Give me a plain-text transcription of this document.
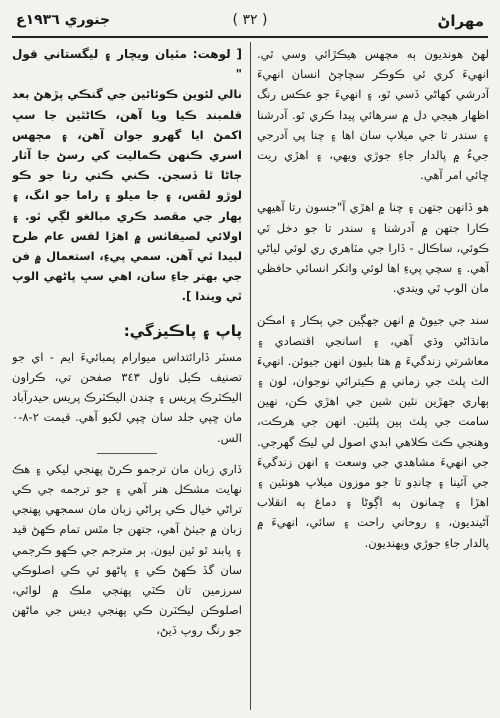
مهراڻ
( ٣٢ )
جنوري ١٩٣٦ع

لهڻ هونديون ٻه مچھس هيڪڙائي وسي ٿي. انهيءَ کري ئي ڪوڪر سچاڄڻ انسان انهيءَ آدرشي کهاڻي ڏسي ٿو، ۽ انهيءَ جو عڪس رنگ اظهار هيجي دل ۾ سرهائي پيدا ڪري ٿو. آدرشنا ۽ سندر تا جي ميلاپ سان اها ۽ چنا پي آدرجي جيءُ ۾ پالدار جاءِ جوڙي ويهي، ۽ اهڙي ريت ڇائي امر آهي.

هو ڏانهن جتهن ۽ چنا ۾ اهڙي آ"جسون رتا آهيھي ڪارا جتهن ۾ آدرشنا ۽ سندر تا جو دخل ٿي ڪوئي، ساڪال - ڏارا جي مٽاهري ري لوئي لياڻي آهي. ۽ سچي پيءِ اها لوئي واتکر انسائي حافظي مان الوپ ٿي ويندي.

سند جي جيوڻ ۾ انهن جهڳين جي ٻڪار ۽ امڪن مانڌاڻي وڌي آهي، ۽ اسانجي اقتصادي ۽ معاشرتي زندگيءَ ۾ هتا بليون انهن جيوئن. انهيءَ الٽ پلٽ جي زماني ۾ ڪيترائي نوجوان، لون ۽ ٻهاري جهڙين نئين شين جي اهڙي ڪن، نهين سامت جي پلٽ ٻين پلٽين. انهن جي هرڪت، وهنجي ڪٽ ڪلاهي ابدي اصول لي ليڪ گهرجي. جي انهيءَ مشاهدي جي وسعت ۽ انهن زندگيءَ جي آئينا ۽ چانڊو تا جو موزون ميلاپ هونئين ۽ اهڙا ۽ ڇمانون ٻه اڳوڻا ۽ دماغ ٻه انقلاب آڻينديون، ۽ روحاني راحت ۽ سائي، انهيءَ ۾ پالدار جاءِ جوڙي ويهنديون.

[ لوھت: مٿيان ويچار ۽ ليگستاني قول "

نالي لئوين ڪوئائين جي گنڪي پڙهڻ بعد قلمبند ڪيا ويا آهن، ڪاڻٿين جا سڀ اکمڻ ايا گهرو جوان آهن، ۽ مڄھس اسري ڪنهن ڪماليت کي رسڻ جا آثار ڄاڻا ٿا ڏسجن. ڪني ڪتي رتا جو ڪو لوڙو لڦس، ۽ جا ميلو ۽ راما جو انگ، ۽ ٻهار جي مقصد ڪري مبالغو لڳي ٿو. ۽ اولائي لصيفاٺس ۾ اهڙا لفس عام طرح لبيدا ٿي آهن. سمي پيءِ، استعمال ۾ فن جي بهتر جاءِ سان، اهي سڀ پاڻهي الوپ ٿي ويندا ].

پاپ ۽ پاڪيزگي:

مسٽر ڏارائتداس ميوارام پمبائيءَ ايم - اي جو تصنيف ڪيل ناول ٣٤٣ صفحن تي، ڪراون اليڪٽرڪ پريس ۽ چندن اليڪٽرڪ پريس حيدرآباد مان ڇپي جلد سان ڇپي لکيو آهي. قيمت ٢-٨-٠ الس.

ڏاري زبان مان ترجمو ڪرڻ پهنجي ليکي ۽ هڪ نهايت مشڪل هنر آهي ۽ جو ترجمه جي ڪي تراڻي خيال ڪي ٻراڻي زبان مان سمجهي پهنجي زبان ۾ جيٺڻ آهي، جتهن جا مٿس تمام ڪهڻ قيد ۽ پابند ٿو ٿين ليون. ٻر مترجم جي ڪهو ڪرجمي سان گڏ ڪهڻ ڪي ۽ پاڻهو ئي ڪي اصلوڪي سرزمين تان ڪٽي پهنجي ملڪ ۾ لوائي، اصلوڪن ليڪٽرن ڪي پهنجي ڊيس جي ماڻهن جو رنگ روپ ڏيڻ،
